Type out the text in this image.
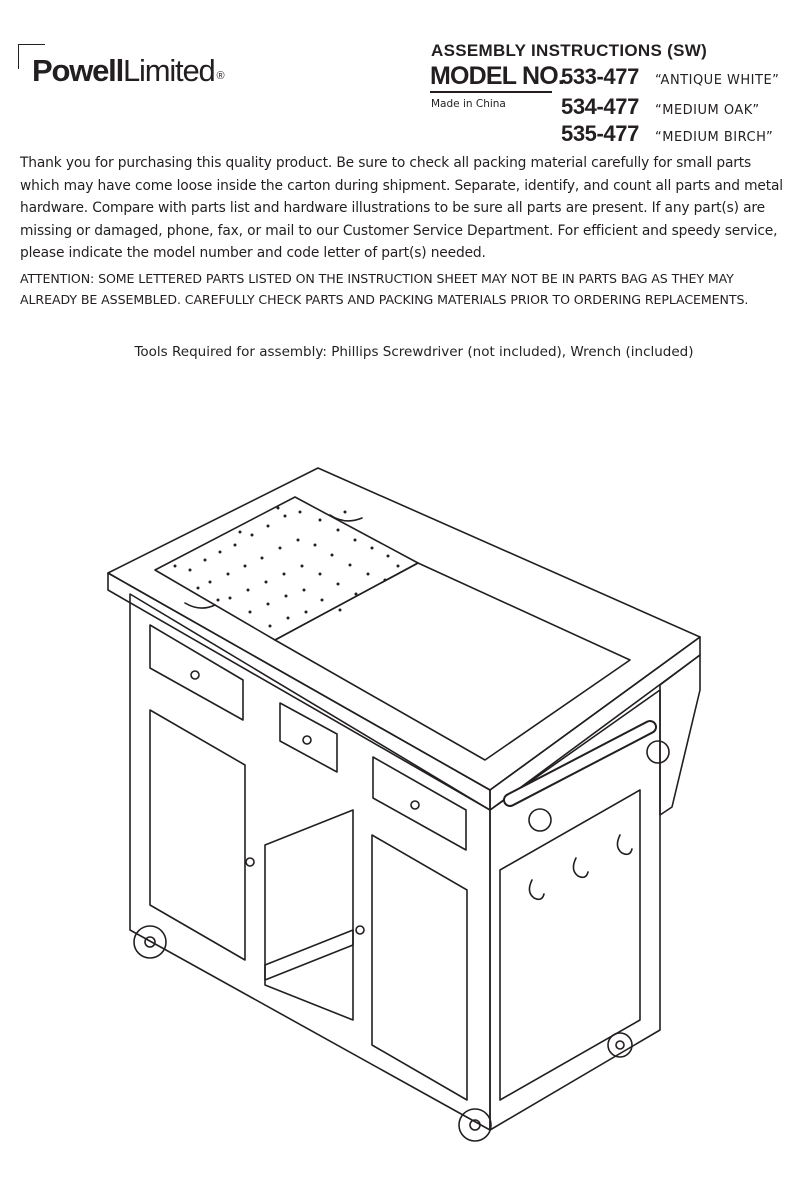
PowellLimited ®
ASSEMBLY INSTRUCTIONS (SW)
MODEL NO.
Made in China
533-477 “ANTIQUE WHITE”
534-477 “MEDIUM OAK”
535-477 “MEDIUM BIRCH”

Thank you for purchasing this quality product. Be sure to check all packing material carefully for small parts which may have come loose inside the carton during shipment. Separate, identify, and count all parts and metal hardware. Compare with parts list and hardware illustrations to be sure all parts are present. If any part(s) are missing or damaged, phone, fax, or mail to our Customer Service Department. For efficient and speedy service, please indicate the model number and code letter of part(s) needed.

ATTENTION: SOME LETTERED PARTS LISTED ON THE INSTRUCTION SHEET MAY NOT BE IN PARTS BAG AS THEY MAY ALREADY BE ASSEMBLED. CAREFULLY CHECK PARTS AND PACKING MATERIALS PRIOR TO ORDERING REPLACEMENTS.

Tools Required for assembly: Phillips Screwdriver (not included), Wrench (included)
